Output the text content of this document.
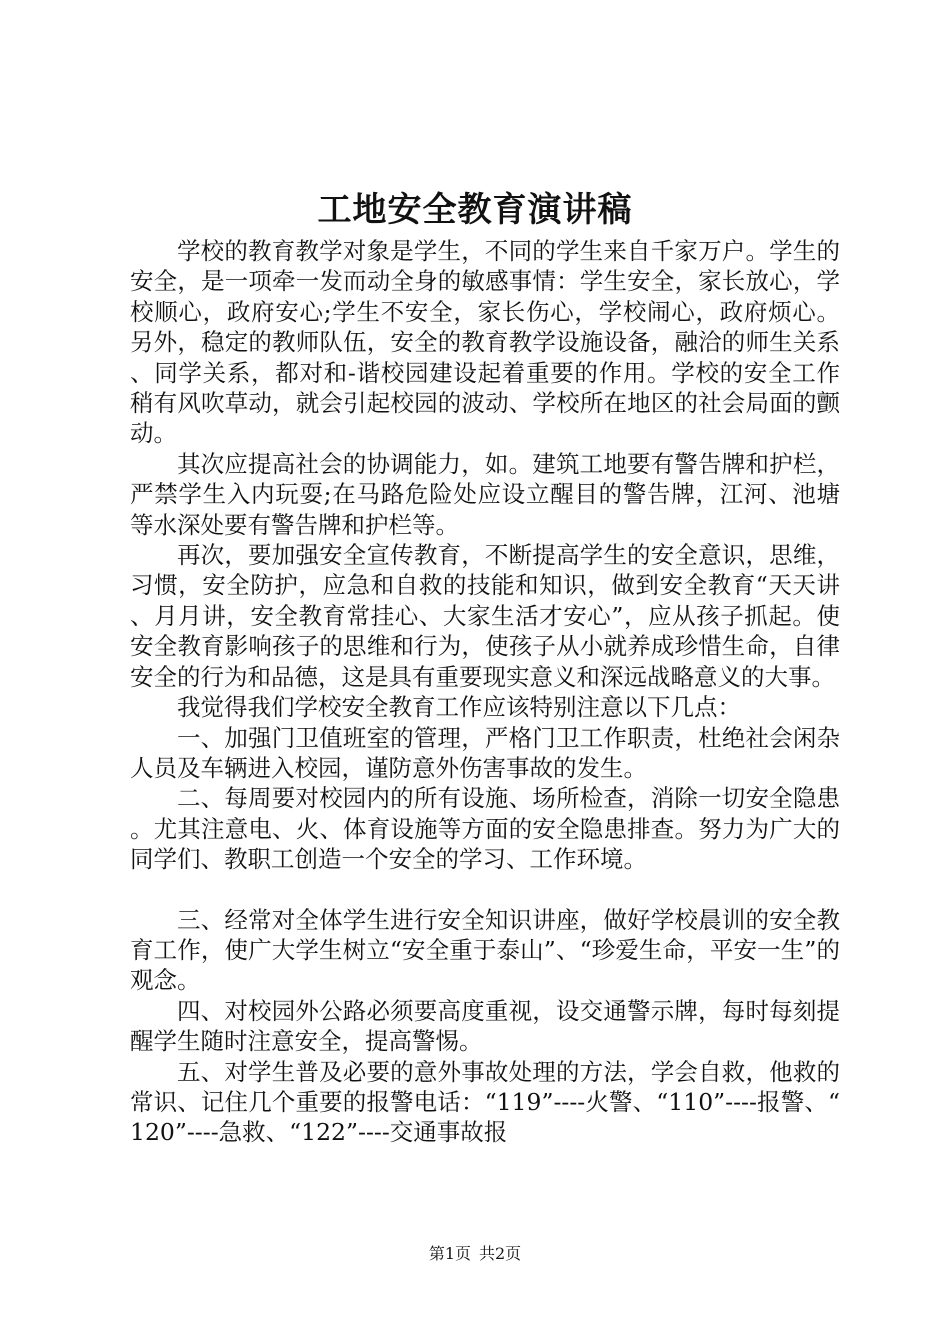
工地安全教育演讲稿

学校的教育教学对象是学生，不同的学生来自千家万户。学生的安全，是一项牵一发而动全身的敏感事情：学生安全，家长放心，学校顺心，政府安心;学生不安全，家长伤心，学校闹心，政府烦心。另外，稳定的教师队伍，安全的教育教学设施设备，融洽的师生关系、同学关系，都对和-谐校园建设起着重要的作用。学校的安全工作稍有风吹草动，就会引起校园的波动、学校所在地区的社会局面的颤动。

其次应提高社会的协调能力，如。建筑工地要有警告牌和护栏，严禁学生入内玩耍;在马路危险处应设立醒目的警告牌，江河、池塘等水深处要有警告牌和护栏等。

再次，要加强安全宣传教育，不断提高学生的安全意识，思维，习惯，安全防护，应急和自救的技能和知识，做到安全教育“天天讲、月月讲，安全教育常挂心、大家生活才安心”，应从孩子抓起。使安全教育影响孩子的思维和行为，使孩子从小就养成珍惜生命，自律安全的行为和品德，这是具有重要现实意义和深远战略意义的大事。

我觉得我们学校安全教育工作应该特别注意以下几点：

一、加强门卫值班室的管理，严格门卫工作职责，杜绝社会闲杂人员及车辆进入校园，谨防意外伤害事故的发生。

二、每周要对校园内的所有设施、场所检查，消除一切安全隐患。尤其注意电、火、体育设施等方面的安全隐患排查。努力为广大的同学们、教职工创造一个安全的学习、工作环境。

三、经常对全体学生进行安全知识讲座，做好学校晨训的安全教育工作，使广大学生树立“安全重于泰山”、“珍爱生命，平安一生”的观念。

四、对校园外公路必须要高度重视，设交通警示牌，每时每刻提醒学生随时注意安全，提高警惕。

五、对学生普及必要的意外事故处理的方法，学会自救，他救的常识、记住几个重要的报警电话：“119”----火警、“110”----报警、“120”----急救、“122”----交通事故报

第1页 共2页
